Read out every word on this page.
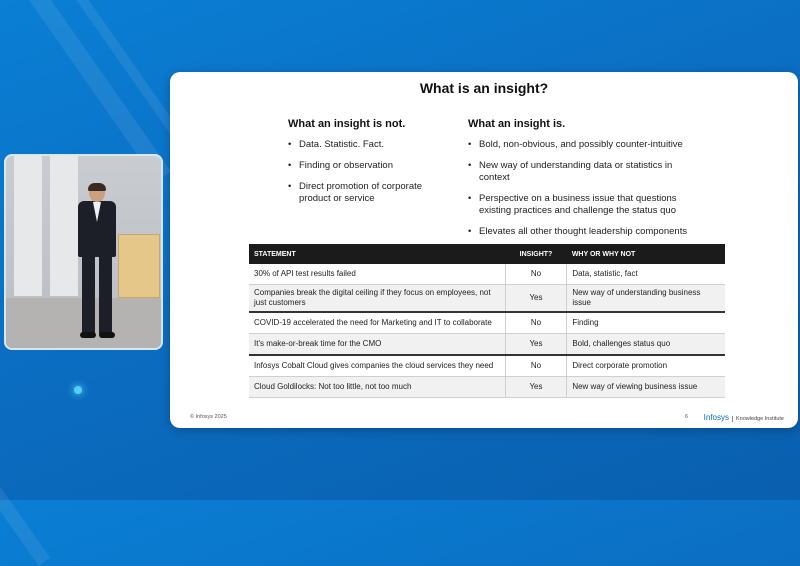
What is an insight?
What an insight is not.
• Data. Statistic. Fact.
• Finding or observation
• Direct promotion of corporate product or service
What an insight is.
• Bold, non-obvious, and possibly counter-intuitive
• New way of understanding data or statistics in context
• Perspective on a business issue that questions existing practices and challenge the status quo
• Elevates all other thought leadership components
STATEMENT	INSIGHT?	WHY OR WHY NOT
30% of API test results failed	No	Data, statistic, fact
Companies break the digital ceiling if they focus on employees, not just customers	Yes	New way of understanding business issue
COVID-19 accelerated the need for Marketing and IT to collaborate	No	Finding
It's make-or-break time for the CMO	Yes	Bold, challenges status quo
Infosys Cobalt Cloud gives companies the cloud services they need	No	Direct corporate promotion
Cloud Goldilocks: Not too little, not too much	Yes	New way of viewing business issue
© Infosys 2025	6 Infosys Knowledge Institute
